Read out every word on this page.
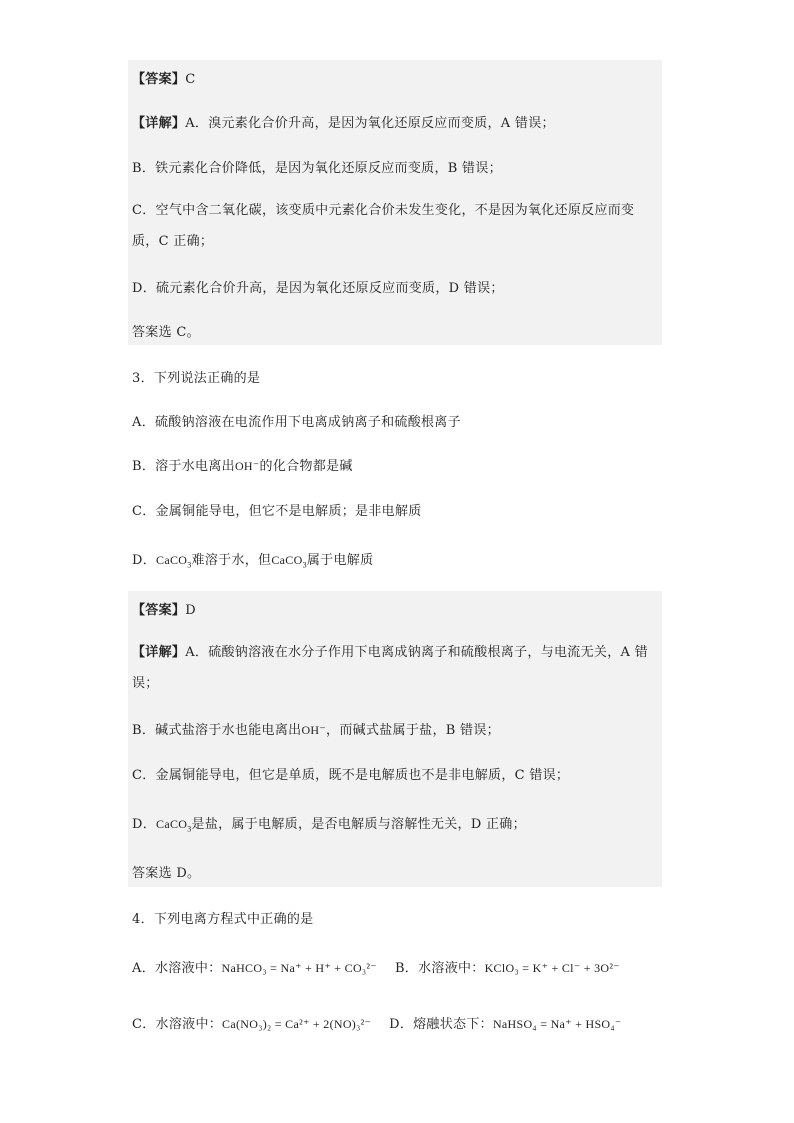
【答案】C
【详解】A．溴元素化合价升高，是因为氧化还原反应而变质，A 错误；
B．铁元素化合价降低，是因为氧化还原反应而变质，B 错误；
C．空气中含二氧化碳，该变质中元素化合价未发生变化，不是因为氧化还原反应而变质，C 正确；
D．硫元素化合价升高，是因为氧化还原反应而变质，D 错误；
答案选 C。
3．下列说法正确的是
A．硫酸钠溶液在电流作用下电离成钠离子和硫酸根离子
B．溶于水电离出OH⁻的化合物都是碱
C．金属铜能导电，但它不是电解质；是非电解质
D．CaCO$_3$难溶于水，但CaCO$_3$属于电解质
【答案】D
【详解】A．硫酸钠溶液在水分子作用下电离成钠离子和硫酸根离子，与电流无关，A 错误；
B．碱式盐溶于水也能电离出OH⁻，而碱式盐属于盐，B 错误；
C．金属铜能导电，但它是单质，既不是电解质也不是非电解质，C 错误；
D．CaCO$_3$是盐，属于电解质，是否电解质与溶解性无关，D 正确；
答案选 D。
4．下列电离方程式中正确的是
A．水溶液中：NaHCO₃ = Na⁺ + H⁺ + CO₃²⁻ B．水溶液中：KClO₃ = K⁺ + Cl⁻ + 3O²⁻
C．水溶液中：Ca(NO₃)₂ = Ca²⁺ + 2(NO)₃²⁻ D．熔融状态下：NaHSO₄ = Na⁺ + HSO₄⁻
